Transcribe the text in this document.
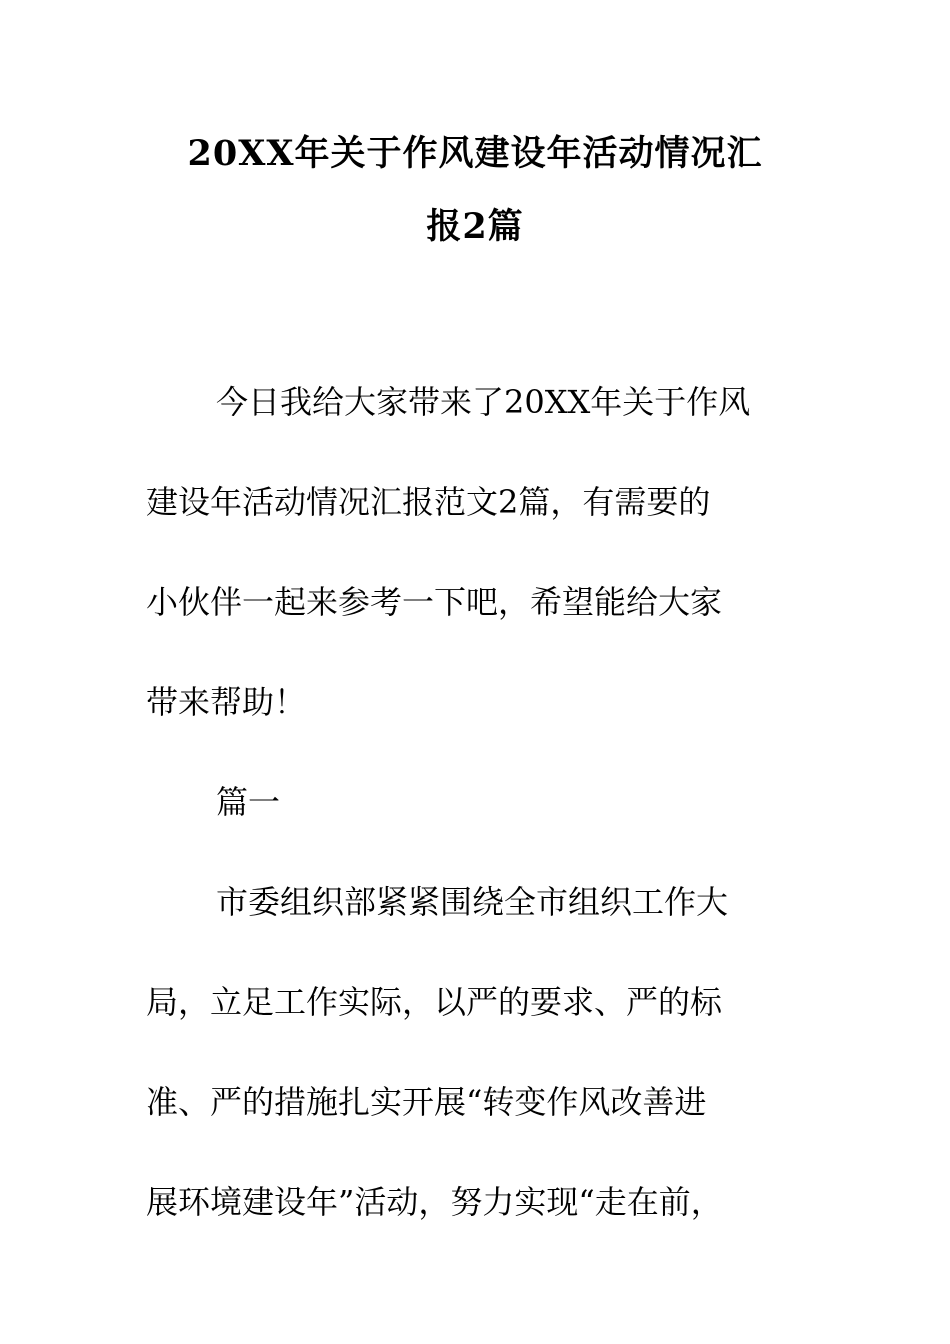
20XX年关于作风建设年活动情况汇
报2篇
今日我给大家带来了20XX年关于作风
建设年活动情况汇报范文2篇，有需要的
小伙伴一起来参考一下吧，希望能给大家
带来帮助！
篇一
市委组织部紧紧围绕全市组织工作大
局，立足工作实际，以严的要求、严的标
准、严的措施扎实开展“转变作风改善进
展环境建设年”活动，努力实现“走在前，
